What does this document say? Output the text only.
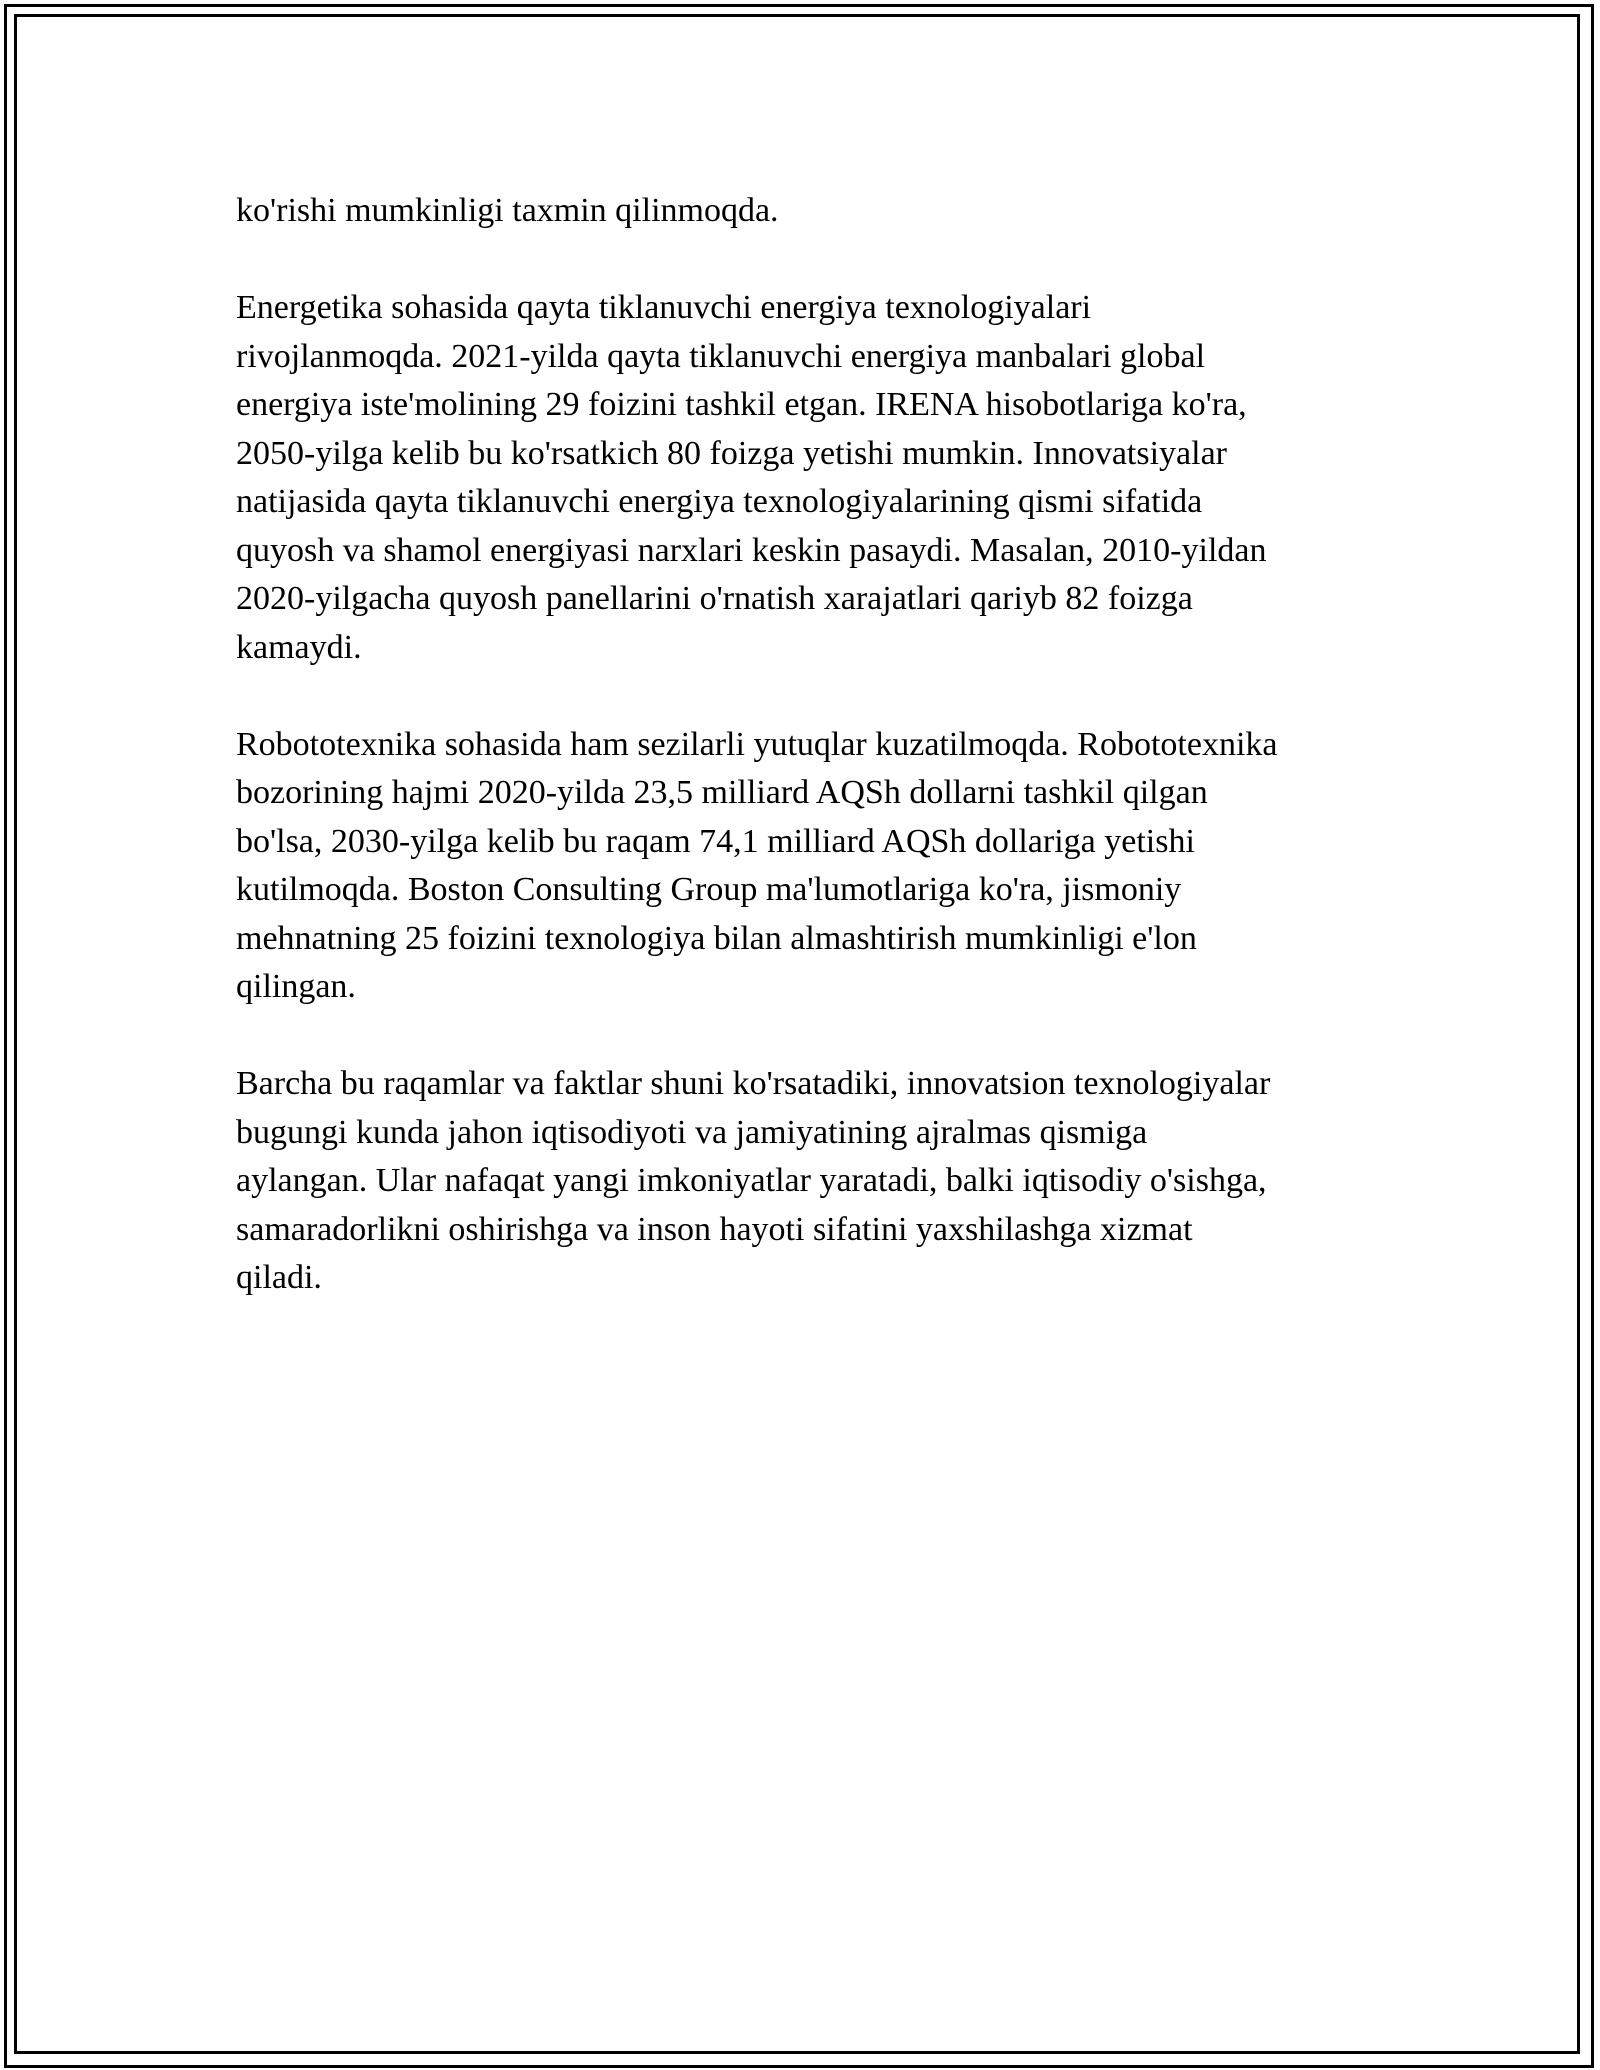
ko'rishi mumkinligi taxmin qilinmoqda.

Energetika sohasida qayta tiklanuvchi energiya texnologiyalari
rivojlanmoqda. 2021-yilda qayta tiklanuvchi energiya manbalari global
energiya iste'molining 29 foizini tashkil etgan. IRENA hisobotlariga ko'ra,
2050-yilga kelib bu ko'rsatkich 80 foizga yetishi mumkin. Innovatsiyalar
natijasida qayta tiklanuvchi energiya texnologiyalarining qismi sifatida
quyosh va shamol energiyasi narxlari keskin pasaydi. Masalan, 2010-yildan
2020-yilgacha quyosh panellarini o'rnatish xarajatlari qariyb 82 foizga
kamaydi.

Robototexnika sohasida ham sezilarli yutuqlar kuzatilmoqda. Robototexnika
bozorining hajmi 2020-yilda 23,5 milliard AQSh dollarni tashkil qilgan
bo'lsa, 2030-yilga kelib bu raqam 74,1 milliard AQSh dollariga yetishi
kutilmoqda. Boston Consulting Group ma'lumotlariga ko'ra, jismoniy
mehnatning 25 foizini texnologiya bilan almashtirish mumkinligi e'lon
qilingan.

Barcha bu raqamlar va faktlar shuni ko'rsatadiki, innovatsion texnologiyalar
bugungi kunda jahon iqtisodiyoti va jamiyatining ajralmas qismiga
aylangan. Ular nafaqat yangi imkoniyatlar yaratadi, balki iqtisodiy o'sishga,
samaradorlikni oshirishga va inson hayoti sifatini yaxshilashga xizmat
qiladi.
